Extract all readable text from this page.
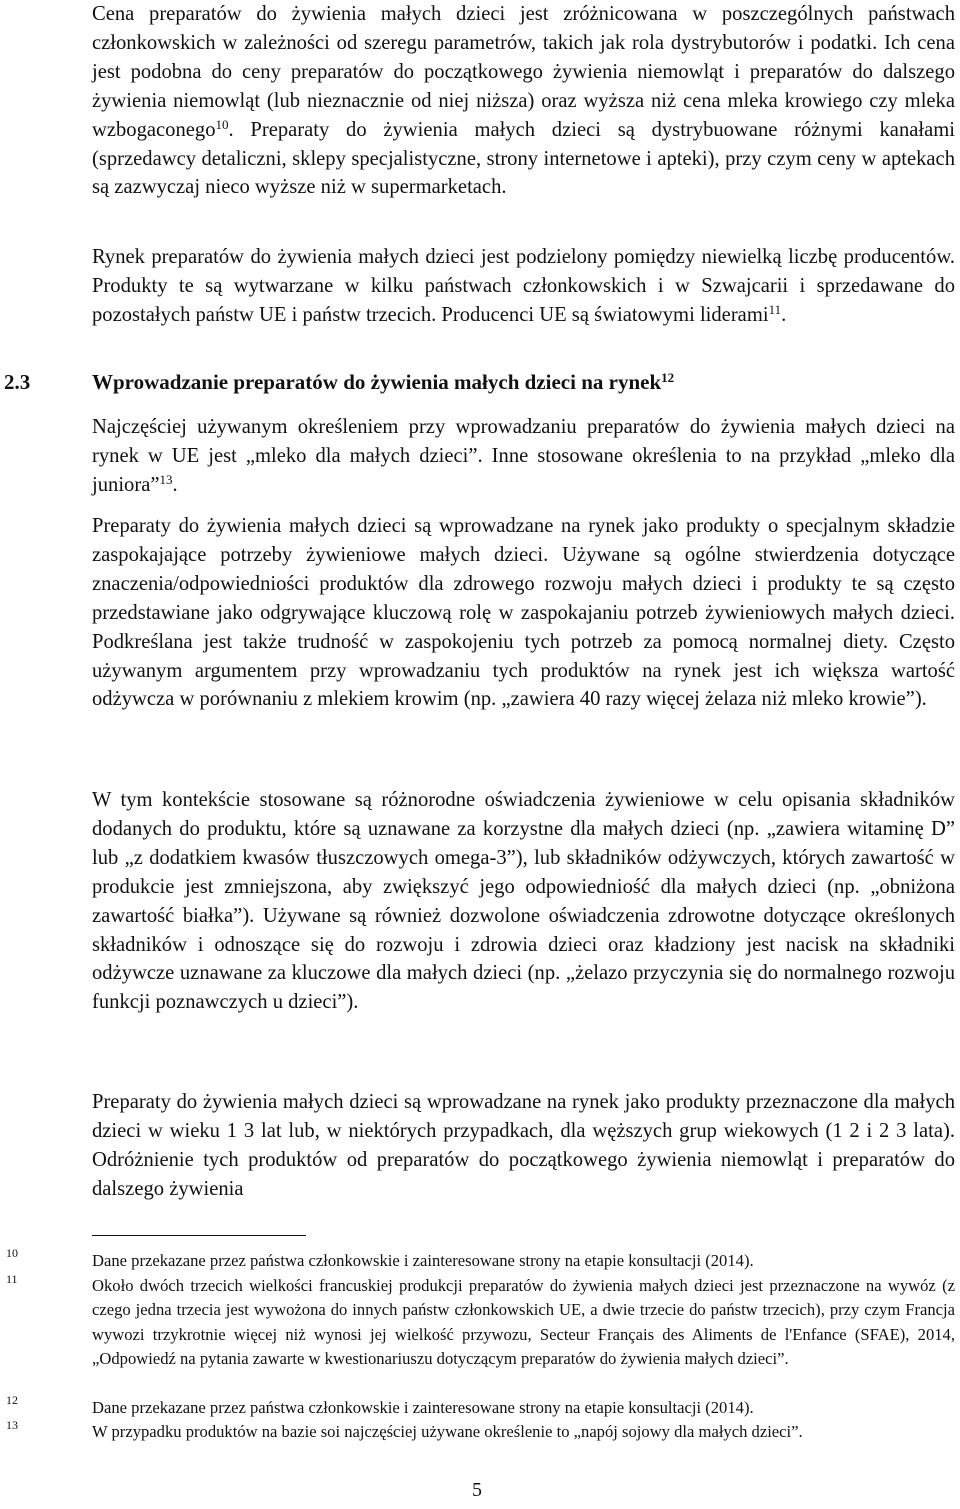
Cena preparatów do żywienia małych dzieci jest zróżnicowana w poszczególnych państwach członkowskich w zależności od szeregu parametrów, takich jak rola dystrybutorów i podatki. Ich cena jest podobna do ceny preparatów do początkowego żywienia niemowląt i preparatów do dalszego żywienia niemowląt (lub nieznacznie od niej niższa) oraz wyższa niż cena mleka krowiego czy mleka wzbogaconego$^{10}$. Preparaty do żywienia małych dzieci są dystrybuowane różnymi kanałami (sprzedawcy detaliczni, sklepy specjalistyczne, strony internetowe i apteki), przy czym ceny w aptekach są zazwyczaj nieco wyższe niż w supermarketach.

Rynek preparatów do żywienia małych dzieci jest podzielony pomiędzy niewielką liczbę producentów. Produkty te są wytwarzane w kilku państwach członkowskich i w Szwajcarii i sprzedawane do pozostałych państw UE i państw trzecich. Producenci UE są światowymi liderami$^{11}$.

2.3	Wprowadzanie preparatów do żywienia małych dzieci na rynek$^{12}$

Najczęściej używanym określeniem przy wprowadzaniu preparatów do żywienia małych dzieci na rynek w UE jest „mleko dla małych dzieci”. Inne stosowane określenia to na przykład „mleko dla juniora”$^{13}$.

Preparaty do żywienia małych dzieci są wprowadzane na rynek jako produkty o specjalnym składzie zaspokajające potrzeby żywieniowe małych dzieci. Używane są ogólne stwierdzenia dotyczące znaczenia/odpowiedniości produktów dla zdrowego rozwoju małych dzieci i produkty te są często przedstawiane jako odgrywające kluczową rolę w zaspokajaniu potrzeb żywieniowych małych dzieci. Podkreślana jest także trudność w zaspokojeniu tych potrzeb za pomocą normalnej diety. Często używanym argumentem przy wprowadzaniu tych produktów na rynek jest ich większa wartość odżywcza w porównaniu z mlekiem krowim (np. „zawiera 40 razy więcej żelaza niż mleko krowie”).

W tym kontekście stosowane są różnorodne oświadczenia żywieniowe w celu opisania składników dodanych do produktu, które są uznawane za korzystne dla małych dzieci (np. „zawiera witaminę D” lub „z dodatkiem kwasów tłuszczowych omega-3”), lub składników odżywczych, których zawartość w produkcie jest zmniejszona, aby zwiększyć jego odpowiedniość dla małych dzieci (np. „obniżona zawartość białka”). Używane są również dozwolone oświadczenia zdrowotne dotyczące określonych składników i odnoszące się do rozwoju i zdrowia dzieci oraz kładziony jest nacisk na składniki odżywcze uznawane za kluczowe dla małych dzieci (np. „żelazo przyczynia się do normalnego rozwoju funkcji poznawczych u dzieci”).

Preparaty do żywienia małych dzieci są wprowadzane na rynek jako produkty przeznaczone dla małych dzieci w wieku 1 3 lat lub, w niektórych przypadkach, dla węższych grup wiekowych (1 2 i 2 3 lata). Odróżnienie tych produktów od preparatów do początkowego żywienia niemowląt i preparatów do dalszego żywienia

10
11
12
13

Dane przekazane przez państwa członkowskie i zainteresowane strony na etapie konsultacji (2014).

Około dwóch trzecich wielkości francuskiej produkcji preparatów do żywienia małych dzieci jest przeznaczone na wywóz (z czego jedna trzecia jest wywożona do innych państw członkowskich UE, a dwie trzecie do państw trzecich), przy czym Francja wywozi trzykrotnie więcej niż wynosi jej wielkość przywozu, Secteur Français des Aliments de l'Enfance (SFAE), 2014, „Odpowiedź na pytania zawarte w kwestionariuszu dotyczącym preparatów do żywienia małych dzieci”.

Dane przekazane przez państwa członkowskie i zainteresowane strony na etapie konsultacji (2014).

W przypadku produktów na bazie soi najczęściej używane określenie to „napój sojowy dla małych dzieci”.

5
